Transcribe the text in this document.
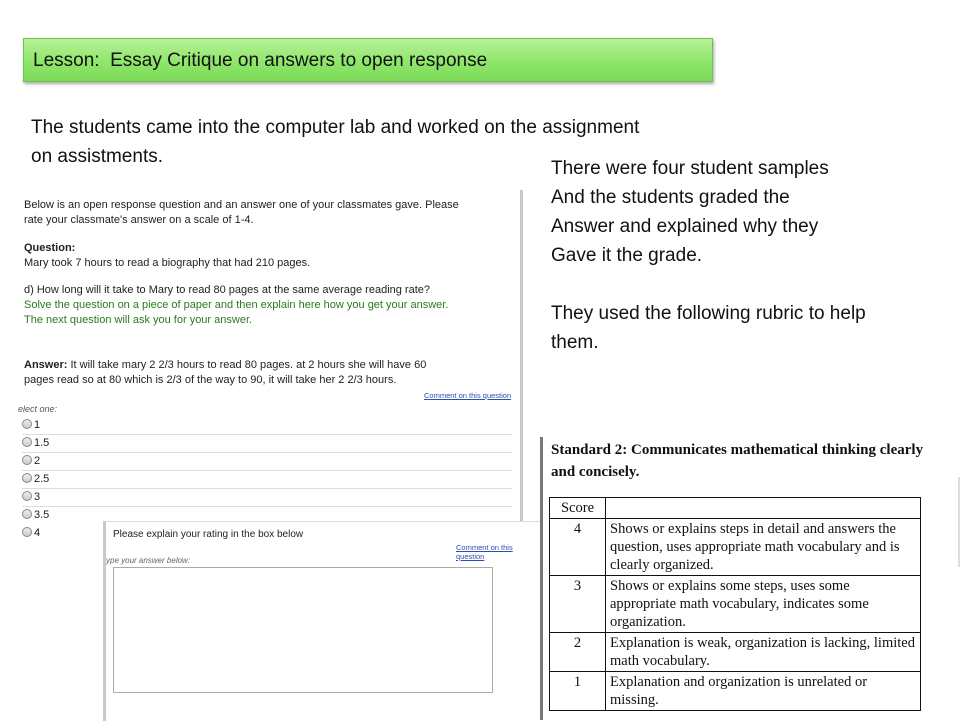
Lesson:  Essay Critique on answers to open response
The students came into the computer lab and worked on the assignment
on assistments.

There were four student samples

And the students graded the

Answer and explained why they

Gave it the grade.

They used the following rubric to help

them.

Below is an open response question and an answer one of your classmates gave. Please
rate your classmate's answer on a scale of 1-4.
Question:
Mary took 7 hours to read a biography that had 210 pages.
d) How long will it take to Mary to read 80 pages at the same average reading rate?
Solve the question on a piece of paper and then explain here how you get your answer.
The next question will ask you for your answer.
Answer: It will take mary 2 2/3 hours to read 80 pages. at 2 hours she will have 60
pages read so at 80 which is 2/3 of the way to 90, it will take her 2 2/3 hours.
Comment on this question
elect one:
1
1.5
2
2.5
3
3.5
4	Please explain your rating in the box below
Comment on this question
ype your answer below:
Standard 2: Communicates mathematical thinking clearly
and concisely.
Score	
4	Shows or explains steps in detail and answers the question, uses appropriate math vocabulary and is clearly organized.
3	Shows or explains some steps, uses some appropriate math vocabulary, indicates some organization.
2	Explanation is weak, organization is lacking, limited math vocabulary.
1	Explanation and organization is unrelated or missing.
